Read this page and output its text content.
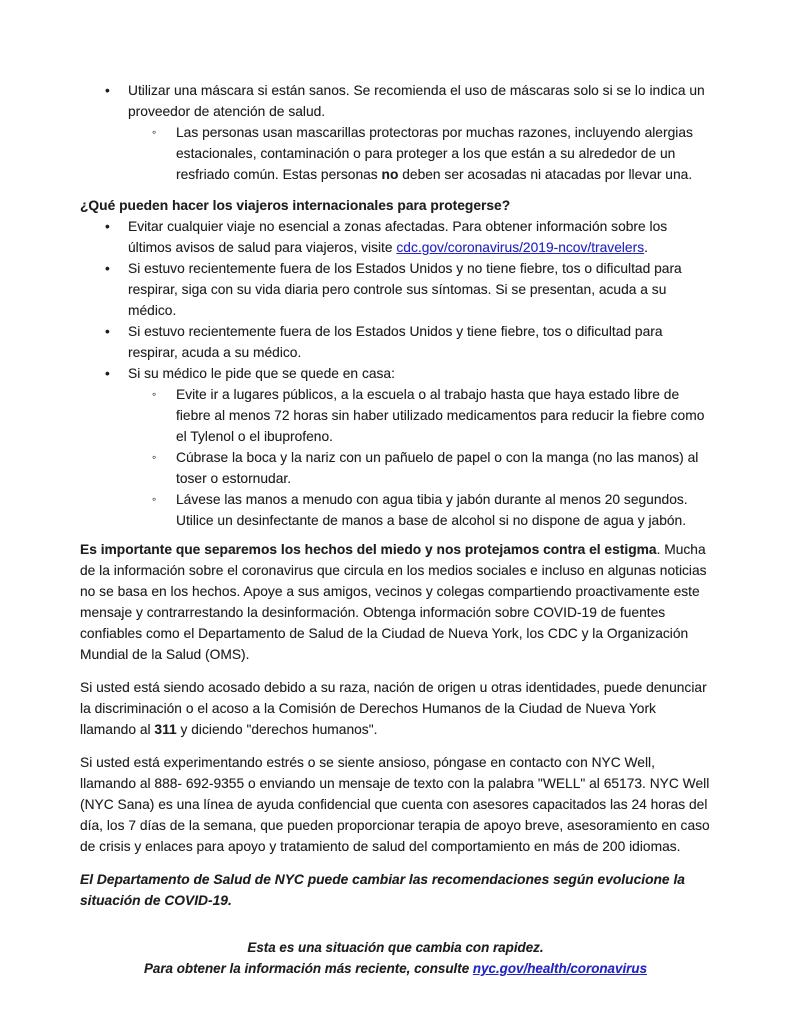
•	Utilizar una máscara si están sanos. Se recomienda el uso de máscaras solo si se lo indica un proveedor de atención de salud.
◦	Las personas usan mascarillas protectoras por muchas razones, incluyendo alergias estacionales, contaminación o para proteger a los que están a su alrededor de un resfriado común. Estas personas no deben ser acosadas ni atacadas por llevar una.
¿Qué pueden hacer los viajeros internacionales para protegerse?
•	Evitar cualquier viaje no esencial a zonas afectadas. Para obtener información sobre los últimos avisos de salud para viajeros, visite cdc.gov/coronavirus/2019-ncov/travelers.
•	Si estuvo recientemente fuera de los Estados Unidos y no tiene fiebre, tos o dificultad para respirar, siga con su vida diaria pero controle sus síntomas. Si se presentan, acuda a su médico.
•	Si estuvo recientemente fuera de los Estados Unidos y tiene fiebre, tos o dificultad para respirar, acuda a su médico.
•	Si su médico le pide que se quede en casa:
◦	Evite ir a lugares públicos, a la escuela o al trabajo hasta que haya estado libre de fiebre al menos 72 horas sin haber utilizado medicamentos para reducir la fiebre como el Tylenol o el ibuprofeno.
◦	Cúbrase la boca y la nariz con un pañuelo de papel o con la manga (no las manos) al toser o estornudar.
◦	Lávese las manos a menudo con agua tibia y jabón durante al menos 20 segundos. Utilice un desinfectante de manos a base de alcohol si no dispone de agua y jabón.

Es importante que separemos los hechos del miedo y nos protejamos contra el estigma. Mucha de la información sobre el coronavirus que circula en los medios sociales e incluso en algunas noticias no se basa en los hechos. Apoye a sus amigos, vecinos y colegas compartiendo proactivamente este mensaje y contrarrestando la desinformación. Obtenga información sobre COVID-19 de fuentes confiables como el Departamento de Salud de la Ciudad de Nueva York, los CDC y la Organización Mundial de la Salud (OMS).

Si usted está siendo acosado debido a su raza, nación de origen u otras identidades, puede denunciar la discriminación o el acoso a la Comisión de Derechos Humanos de la Ciudad de Nueva York llamando al 311 y diciendo "derechos humanos".

Si usted está experimentando estrés o se siente ansioso, póngase en contacto con NYC Well, llamando al 888- 692-9355 o enviando un mensaje de texto con la palabra "WELL" al 65173. NYC Well (NYC Sana) es una línea de ayuda confidencial que cuenta con asesores capacitados las 24 horas del día, los 7 días de la semana, que pueden proporcionar terapia de apoyo breve, asesoramiento en caso de crisis y enlaces para apoyo y tratamiento de salud del comportamiento en más de 200 idiomas.

El Departamento de Salud de NYC puede cambiar las recomendaciones según evolucione la situación de COVID-19.

Esta es una situación que cambia con rapidez.
Para obtener la información más reciente, consulte nyc.gov/health/coronavirus
